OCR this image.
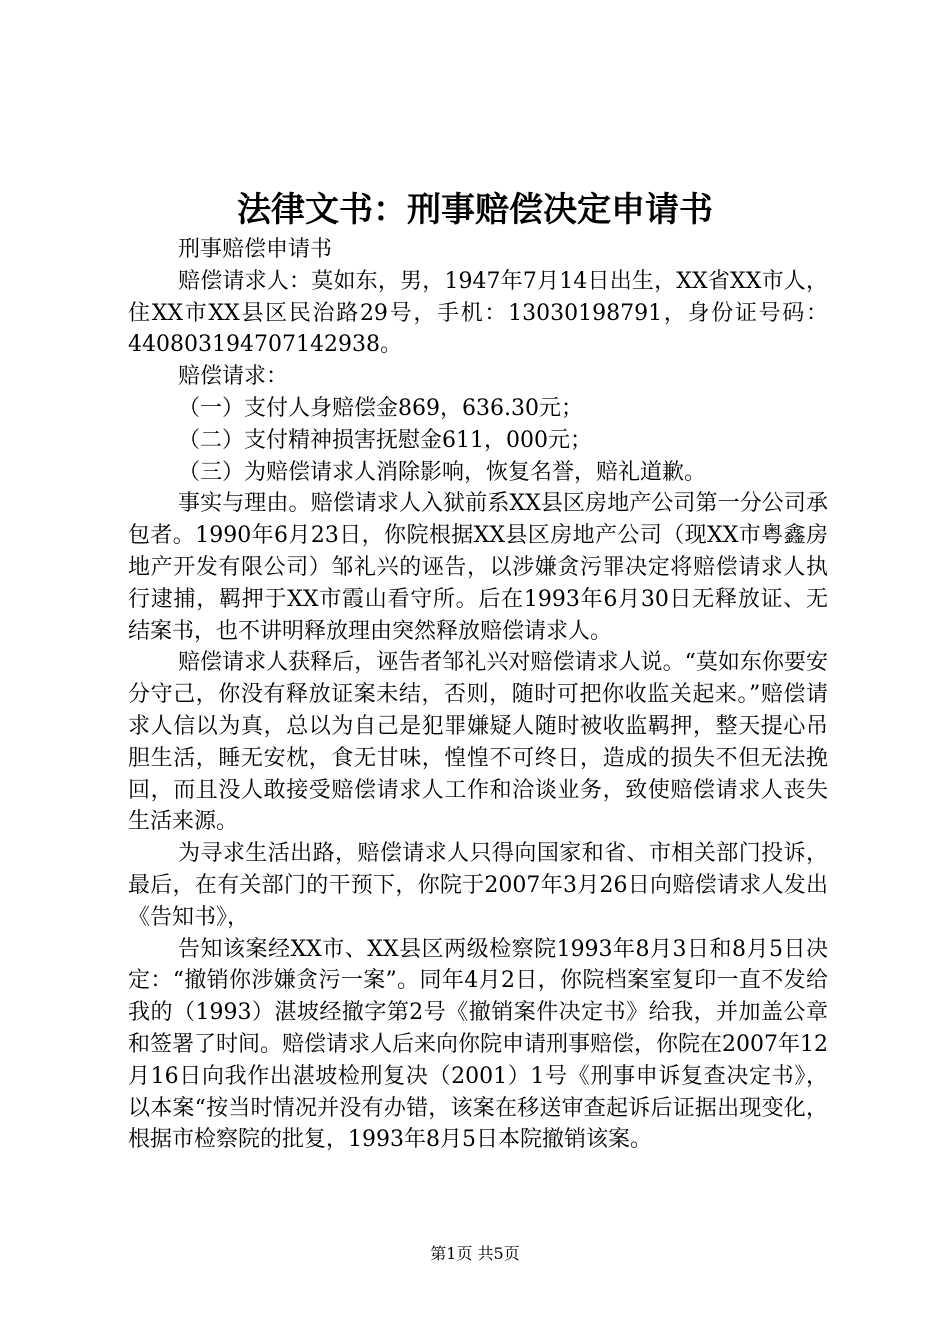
法律文书：刑事赔偿决定申请书

刑事赔偿申请书

赔偿请求人：莫如东，男，1947年7月14日出生，XX省XX市人，住XX市XX县区民治路29号，手机：13030198791，身份证号码：440803194707142938。

赔偿请求：

（一）支付人身赔偿金869，636.30元；

（二）支付精神损害抚慰金611，000元；

（三）为赔偿请求人消除影响，恢复名誉，赔礼道歉。

事实与理由。赔偿请求人入狱前系XX县区房地产公司第一分公司承包者。1990年6月23日，你院根据XX县区房地产公司（现XX市粤鑫房地产开发有限公司）邹礼兴的诬告，以涉嫌贪污罪决定将赔偿请求人执行逮捕，羁押于XX市霞山看守所。后在1993年6月30日无释放证、无结案书，也不讲明释放理由突然释放赔偿请求人。

赔偿请求人获释后，诬告者邹礼兴对赔偿请求人说。“莫如东你要安分守己，你没有释放证案未结，否则，随时可把你收监关起来。”赔偿请求人信以为真，总以为自己是犯罪嫌疑人随时被收监羁押，整天提心吊胆生活，睡无安枕，食无甘味，惶惶不可终日，造成的损失不但无法挽回，而且没人敢接受赔偿请求人工作和洽谈业务，致使赔偿请求人丧失生活来源。

为寻求生活出路，赔偿请求人只得向国家和省、市相关部门投诉，最后，在有关部门的干预下，你院于2007年3月26日向赔偿请求人发出《告知书》，

告知该案经XX市、XX县区两级检察院1993年8月3日和8月5日决定：“撤销你涉嫌贪污一案”。同年4月2日，你院档案室复印一直不发给我的（1993）湛坡经撤字第2号《撤销案件决定书》给我，并加盖公章和签署了时间。赔偿请求人后来向你院申请刑事赔偿，你院在2007年12月16日向我作出湛坡检刑复决（2001）1号《刑事申诉复查决定书》，以本案“按当时情况并没有办错，该案在移送审查起诉后证据出现变化，根据市检察院的批复，1993年8月5日本院撤销该案。

第1页 共5页
